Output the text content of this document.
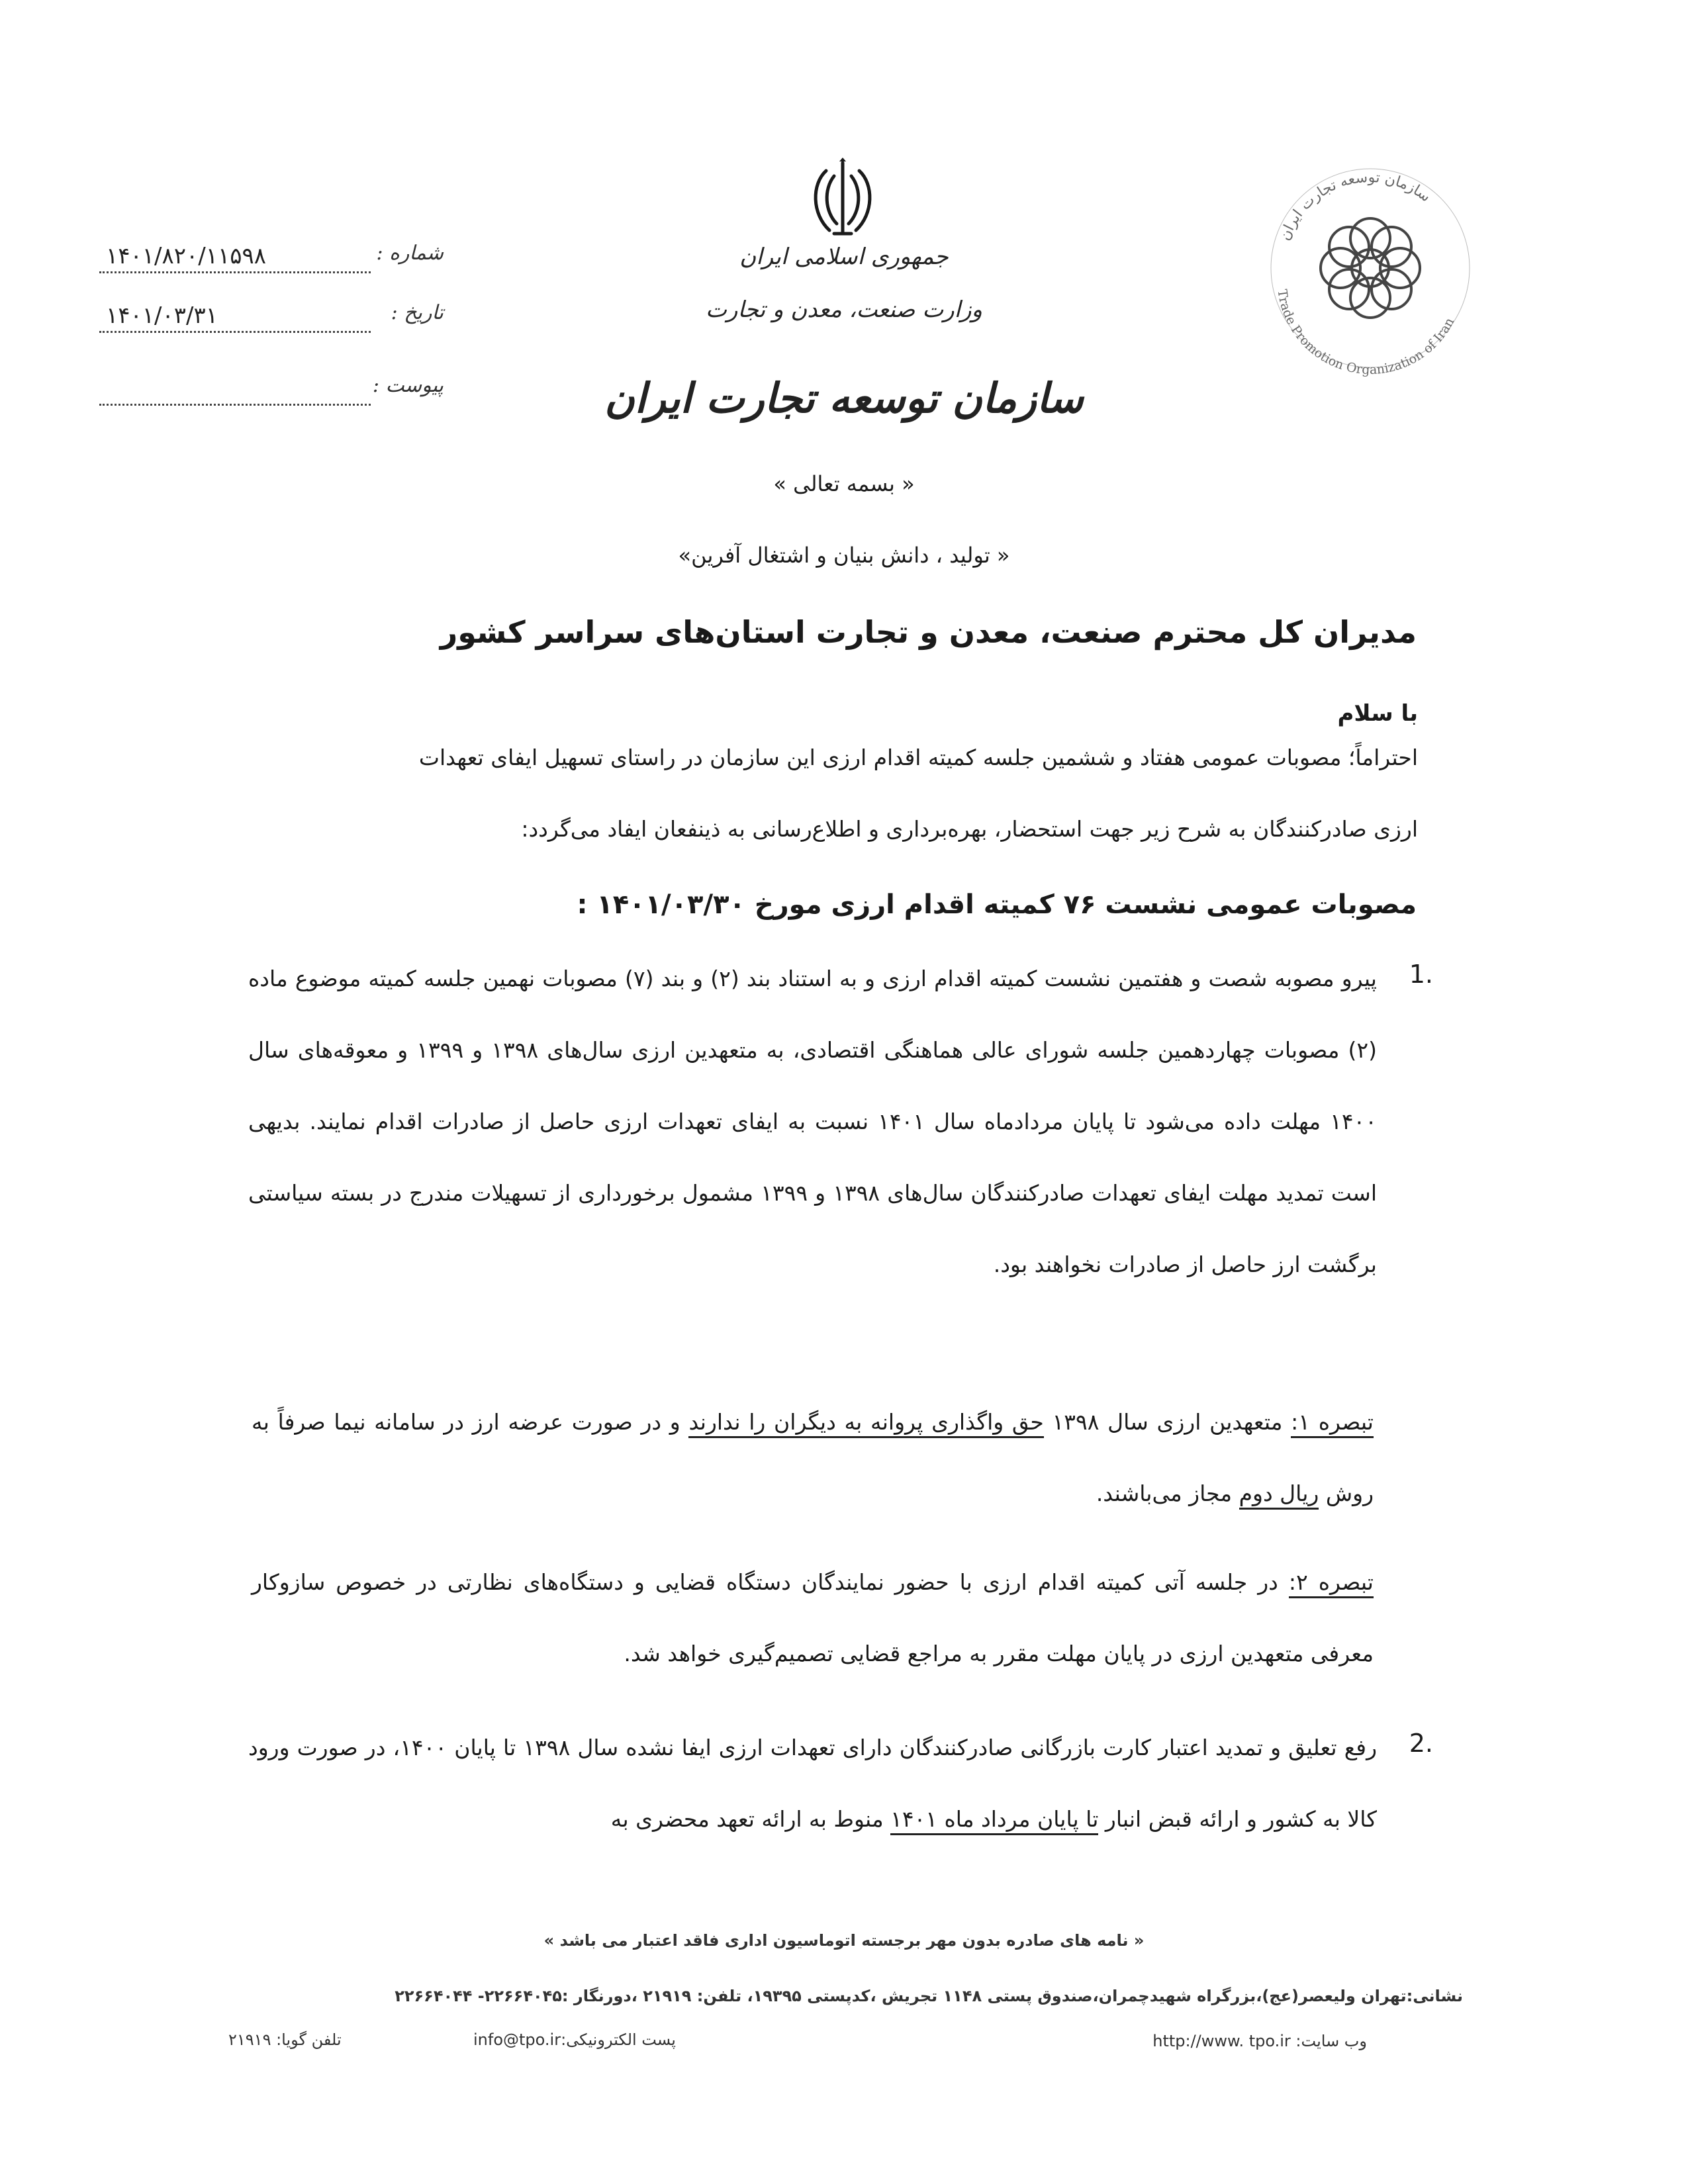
شماره :
۱۴۰۱/۸۲۰/۱۱۵۹۸
تاریخ :
۱۴۰۱/۰۳/۳۱
پیوست :
جمهوری اسلامی ایران
وزارت صنعت، معدن و تجارت
سازمان توسعه تجارت ایران
سازمان توسعه تجارت ایران
Trade Promotion Organization of Iran
« بسمه تعالی »
« تولید ، دانش بنیان و اشتغال آفرین»
مدیران کل محترم صنعت، معدن و تجارت استان‌های سراسر کشور
با سلام
احتراماً؛ مصوبات عمومی هفتاد و ششمین جلسه کمیته اقدام ارزی این سازمان در راستای تسهیل ایفای تعهدات
ارزی صادرکنندگان به شرح زیر جهت استحضار، بهره‌برداری و اطلاع‌رسانی به ذینفعان ایفاد می‌گردد:
مصوبات عمومی نشست ۷۶ کمیته اقدام ارزی مورخ ۱۴۰۱/۰۳/۳۰ :
1.
پیرو مصوبه شصت و هفتمین نشست کمیته اقدام ارزی و به استناد بند (۲) و بند (۷) مصوبات نهمین جلسه کمیته موضوع ماده (۲) مصوبات چهاردهمین جلسه شورای عالی هماهنگی اقتصادی، به متعهدین ارزی سال‌های ۱۳۹۸ و ۱۳۹۹ و معوقه‌های سال ۱۴۰۰ مهلت داده می‌شود تا پایان مردادماه سال ۱۴۰۱ نسبت به ایفای تعهدات ارزی حاصل از صادرات اقدام نمایند. بدیهی است تمدید مهلت ایفای تعهدات صادرکنندگان سال‌های ۱۳۹۸ و ۱۳۹۹ مشمول برخورداری از تسهیلات مندرج در بسته سیاستی برگشت ارز حاصل از صادرات نخواهند بود.
تبصره ۱: متعهدین ارزی سال ۱۳۹۸ حق واگذاری پروانه به دیگران را ندارند و در صورت عرضه ارز در سامانه نیما صرفاً به روش ریال دوم مجاز می‌باشند.
تبصره ۲: در جلسه آتی کمیته اقدام ارزی با حضور نمایندگان دستگاه قضایی و دستگاه‌های نظارتی در خصوص سازوکار معرفی متعهدین ارزی در پایان مهلت مقرر به مراجع قضایی تصمیم‌گیری خواهد شد.
2.
رفع تعلیق و تمدید اعتبار کارت بازرگانی صادرکنندگان دارای تعهدات ارزی ایفا نشده سال ۱۳۹۸ تا پایان ۱۴۰۰، در صورت ورود کالا به کشور و ارائه قبض انبار تا پایان مرداد ماه ۱۴۰۱ منوط به ارائه تعهد محضری به
« نامه های صادره بدون مهر برجسته اتوماسیون اداری فاقد اعتبار می باشد »
نشانی:تهران ولیعصر(عج)،بزرگراه شهیدچمران،صندوق پستی ۱۱۴۸ تجریش ،کدپستی ۱۹۳۹۵، تلفن: ۲۱۹۱۹ ،دورنگار :۲۲۶۶۴۰۴۵- ۲۲۶۶۴۰۴۴
وب سایت: http://www. tpo.ir
پست الکترونیکی:info@tpo.ir
تلفن گویا: ۲۱۹۱۹
